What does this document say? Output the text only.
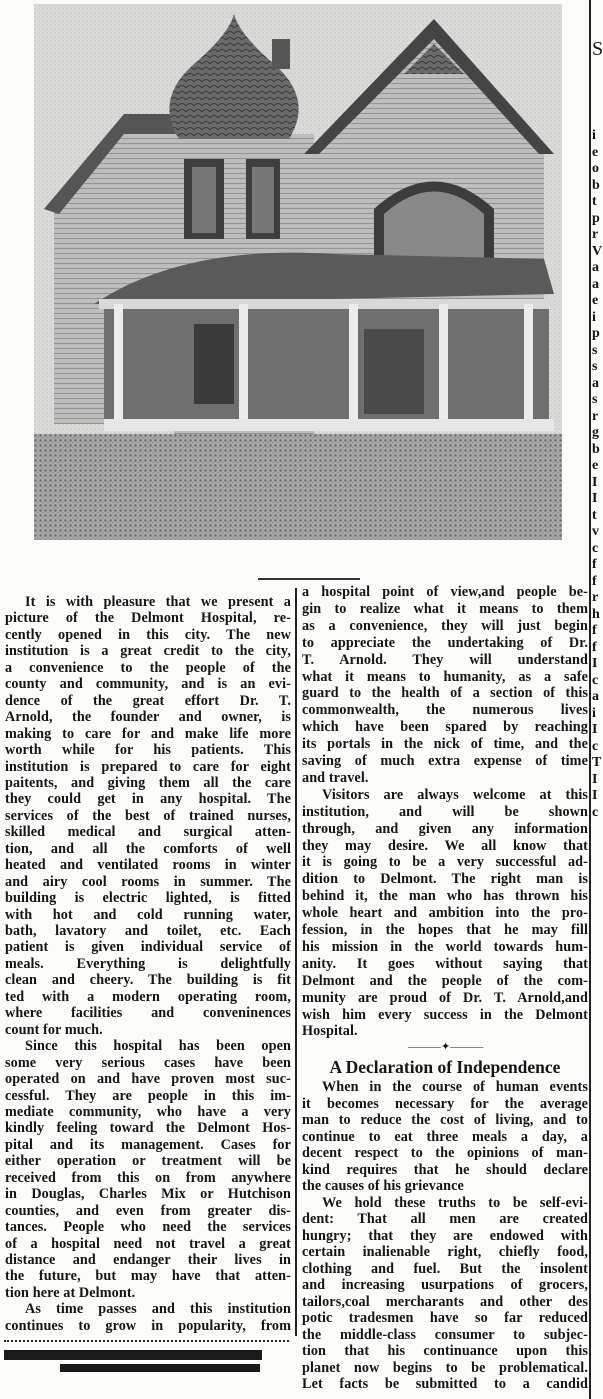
It is with pleasure that we present a
picture of the Delmont Hospital, re-
cently opened in this city. The new
institution is a great credit to the city,
a convenience to the people of the
county and community, and is an evi-
dence of the great effort Dr. T.
Arnold, the founder and owner, is
making to care for and make life more
worth while for his patients. This
institution is prepared to care for eight
paitents, and giving them all the care
they could get in any hospital. The
services of the best of trained nurses,
skilled medical and surgical atten-
tion, and all the comforts of well
heated and ventilated rooms in winter
and airy cool rooms in summer. The
building is electric lighted, is fitted
with hot and cold running water,
bath, lavatory and toilet, etc. Each
patient is given individual service of
meals. Everything is delightfully
clean and cheery. The building is fit
ted with a modern operating room,
where facilities and conveninences
count for much.
Since this hospital has been open
some very serious cases have been
operated on and have proven most suc-
cessful. They are people in this im-
mediate community, who have a very
kindly feeling toward the Delmont Hos-
pital and its management. Cases for
either operation or treatment will be
received from this on from anywhere
in Douglas, Charles Mix or Hutchison
counties, and even from greater dis-
tances. People who need the services
of a hospital need not travel a great
distance and endanger their lives in
the future, but may have that atten-
tion here at Delmont.
As time passes and this institution
continues to grow in popularity, from
a hospital point of view,and people be-
gin to realize what it means to them
as a convenience, they will just begin
to appreciate the undertaking of Dr.
T. Arnold. They will understand
what it means to humanity, as a safe
guard to the health of a section of this
commonwealth, the numerous lives
which have been spared by reaching
its portals in the nick of time, and the
saving of much extra expense of time
and travel.
Visitors are always welcome at this
institution, and will be shown
through, and given any information
they may desire. We all know that
it is going to be a very successful ad-
dition to Delmont. The right man is
behind it, the man who has thrown his
whole heart and ambition into the pro-
fession, in the hopes that he may fill
his mission in the world towards hum-
anity. It goes without saying that
Delmont and the people of the com-
munity are proud of Dr. T. Arnold,and
wish him every success in the Delmont
Hospital.
———✦———
A Declaration of Independence
When in the course of human events
it becomes necessary for the average
man to reduce the cost of living, and to
continue to eat three meals a day, a
decent respect to the opinions of man-
kind requires that he should declare
the causes of his grievance
We hold these truths to be self-evi-
dent: That all men are created
hungry; that they are endowed with
certain inalienable right, chiefly food,
clothing and fuel. But the insolent
and increasing usurpations of grocers,
tailors,coal mercharants and other des
potic tradesmen have so far reduced
the middle-class consumer to subjec-
tion that his continuance upon this
planet now begins to be problematical.
Let facts be submitted to a candid
S
i
e
o
b
t
p
r
V
a
a
e
i
p
s
s
a
s
r
g
b
e
I
I
t
v
c
f
f
r
h
f
f
I
c
a
i
I
c
T
I
I
c
